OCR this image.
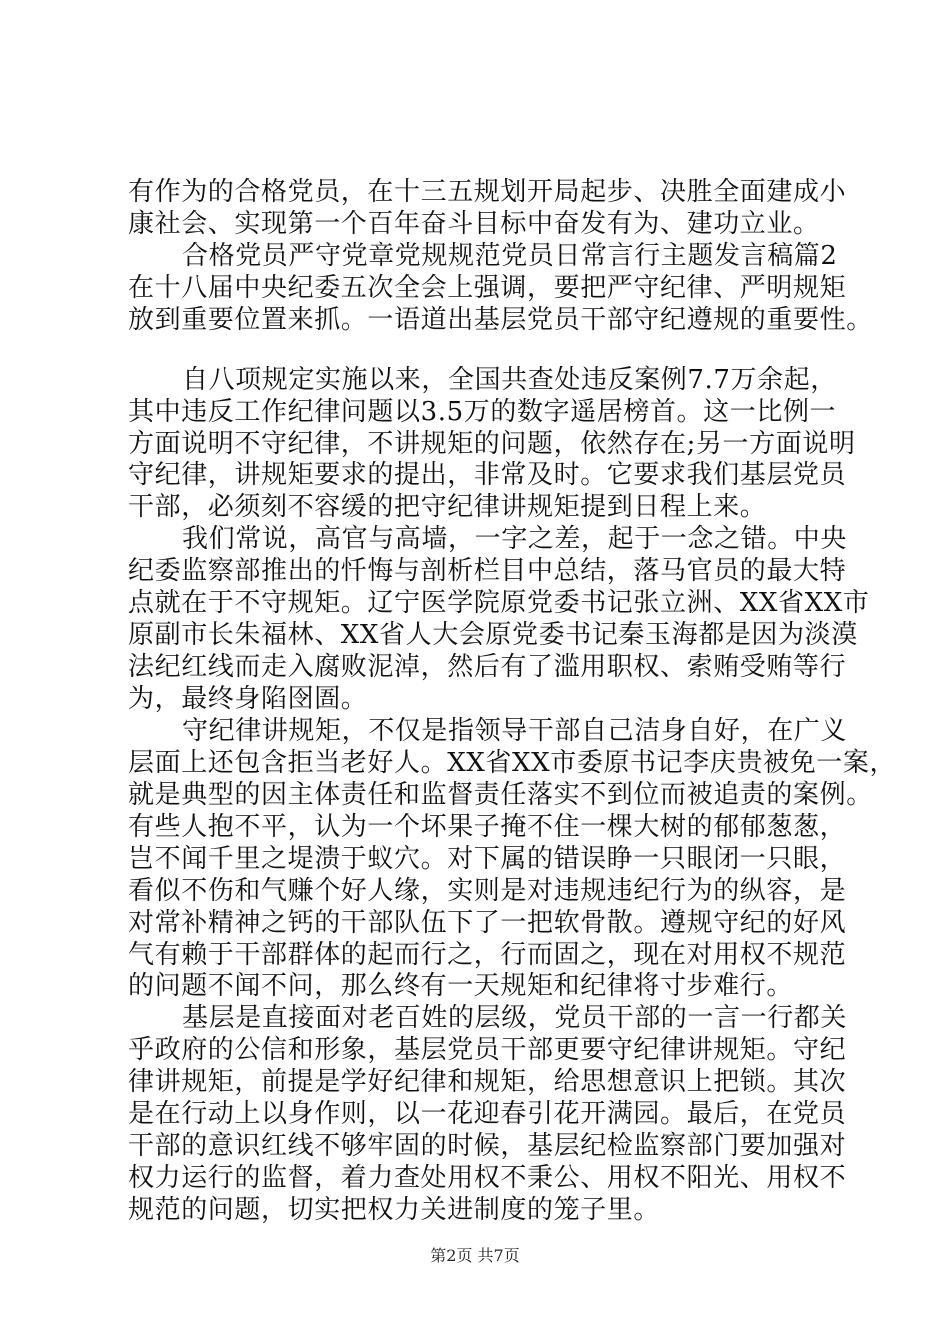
有作为的合格党员，在十三五规划开局起步、决胜全面建成小
康社会、实现第一个百年奋斗目标中奋发有为、建功立业。
合格党员严守党章党规规范党员日常言行主题发言稿篇2
在十八届中央纪委五次全会上强调，要把严守纪律、严明规矩
放到重要位置来抓。一语道出基层党员干部守纪遵规的重要性。
自八项规定实施以来，全国共查处违反案例7.7万余起，
其中违反工作纪律问题以3.5万的数字遥居榜首。这一比例一
方面说明不守纪律，不讲规矩的问题，依然存在;另一方面说明
守纪律，讲规矩要求的提出，非常及时。它要求我们基层党员
干部，必须刻不容缓的把守纪律讲规矩提到日程上来。
我们常说，高官与高墙，一字之差，起于一念之错。中央
纪委监察部推出的忏悔与剖析栏目中总结，落马官员的最大特
点就在于不守规矩。辽宁医学院原党委书记张立洲、XX省XX市
原副市长朱福林、XX省人大会原党委书记秦玉海都是因为淡漠
法纪红线而走入腐败泥淖，然后有了滥用职权、索贿受贿等行
为，最终身陷囹圄。
守纪律讲规矩，不仅是指领导干部自己洁身自好，在广义
层面上还包含拒当老好人。XX省XX市委原书记李庆贵被免一案，
就是典型的因主体责任和监督责任落实不到位而被追责的案例。
有些人抱不平，认为一个坏果子掩不住一棵大树的郁郁葱葱，
岂不闻千里之堤溃于蚁穴。对下属的错误睁一只眼闭一只眼，
看似不伤和气赚个好人缘，实则是对违规违纪行为的纵容，是
对常补精神之钙的干部队伍下了一把软骨散。遵规守纪的好风
气有赖于干部群体的起而行之，行而固之，现在对用权不规范
的问题不闻不问，那么终有一天规矩和纪律将寸步难行。
基层是直接面对老百姓的层级，党员干部的一言一行都关
乎政府的公信和形象，基层党员干部更要守纪律讲规矩。守纪
律讲规矩，前提是学好纪律和规矩，给思想意识上把锁。其次
是在行动上以身作则，以一花迎春引花开满园。最后，在党员
干部的意识红线不够牢固的时候，基层纪检监察部门要加强对
权力运行的监督，着力查处用权不秉公、用权不阳光、用权不
规范的问题，切实把权力关进制度的笼子里。
第2页 共7页
